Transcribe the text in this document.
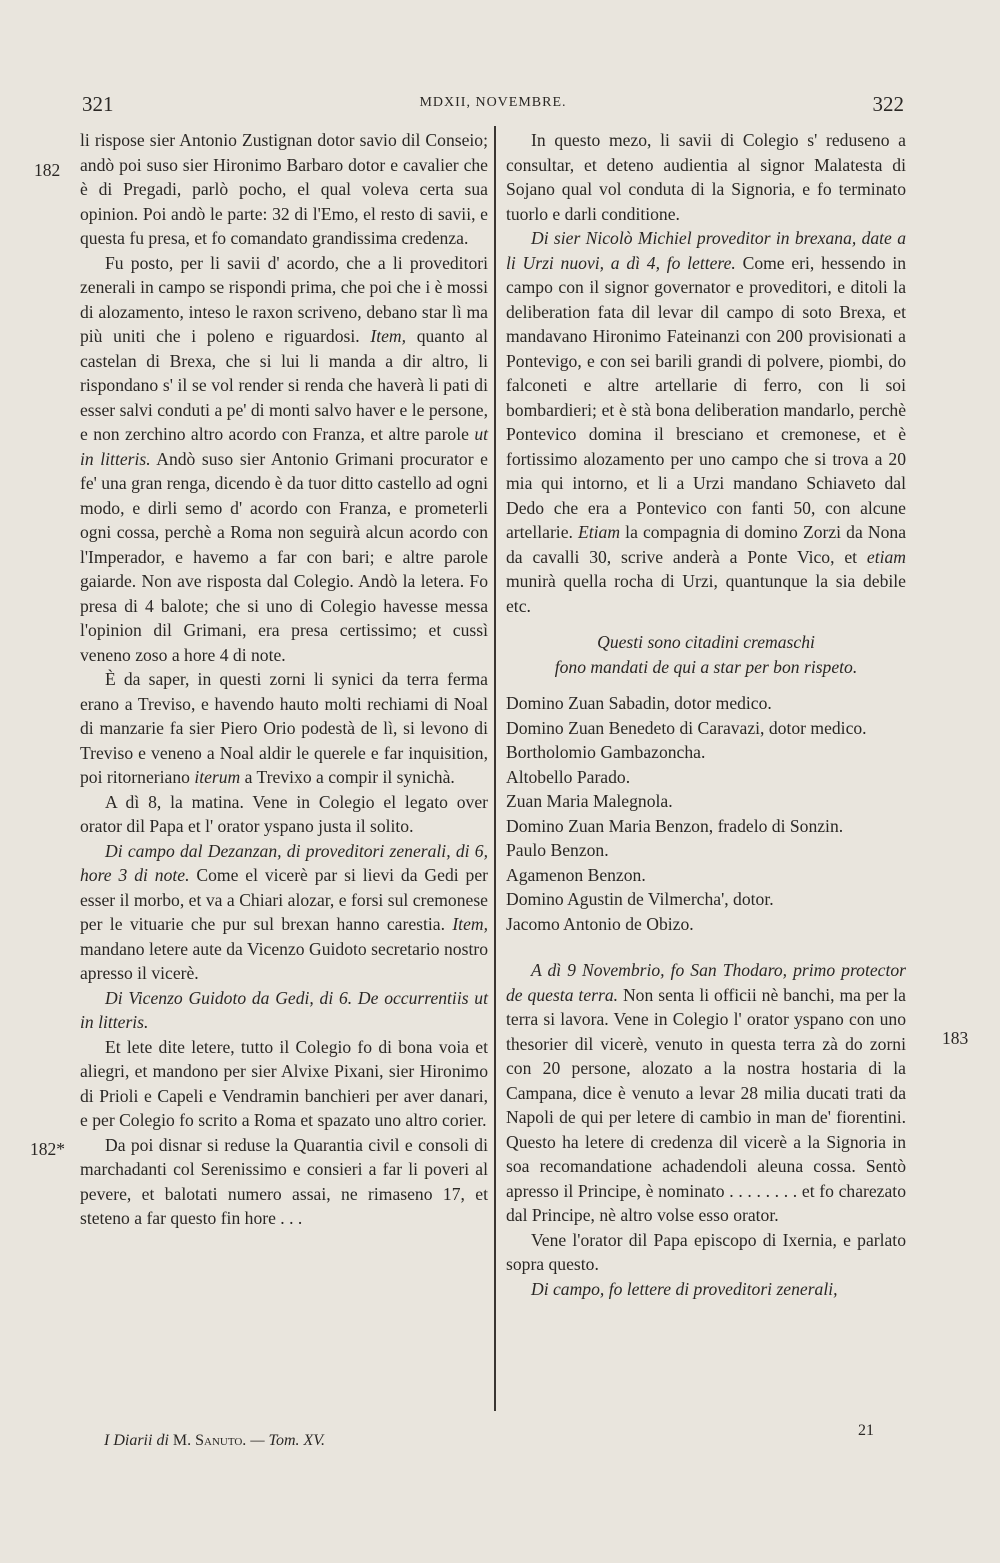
321	MDXII, NOVEMBRE.	322
182
182*
183

li rispose sier Antonio Zustignan dotor savio dil Conseio; andò poi suso sier Hironimo Barbaro dotor e cavalier che è di Pregadi, parlò pocho, el qual voleva certa sua opinion. Poi andò le parte: 32 di l'Emo, el resto di savii, e questa fu presa, et fo comandato grandissima credenza.

Fu posto, per li savii d' acordo, che a li proveditori zenerali in campo se rispondi prima, che poi che i è mossi di alozamento, inteso le raxon scriveno, debano star lì ma più uniti che i poleno e riguardosi. Item, quanto al castelan di Brexa, che si lui li manda a dir altro, li rispondano s' il se vol render si renda che haverà li pati di esser salvi conduti a pe' di monti salvo haver e le persone, e non zerchino altro acordo con Franza, et altre parole ut in litteris. Andò suso sier Antonio Grimani procurator e fe' una gran renga, dicendo è da tuor ditto castello ad ogni modo, e dirli semo d' acordo con Franza, e prometerli ogni cossa, perchè a Roma non seguirà alcun acordo con l'Imperador, e havemo a far con bari; e altre parole gaiarde. Non ave risposta dal Colegio. Andò la letera. Fo presa di 4 balote; che si uno di Colegio havesse messa l'opinion dil Grimani, era presa certissimo; et cussì veneno zoso a hore 4 di note.

È da saper, in questi zorni li synici da terra ferma erano a Treviso, e havendo hauto molti rechiami di Noal di manzarie fa sier Piero Orio podestà de lì, si levono di Treviso e veneno a Noal aldir le querele e far inquisition, poi ritorneriano iterum a Trevixo a compir il synichà.

A dì 8, la matina. Vene in Colegio el legato over orator dil Papa et l' orator yspano justa il solito.

Di campo dal Dezanzan, di proveditori zenerali, di 6, hore 3 di note. Come el vicerè par si lievi da Gedi per esser il morbo, et va a Chiari alozar, e forsi sul cremonese per le vituarie che pur sul brexan hanno carestia. Item, mandano letere aute da Vicenzo Guidoto secretario nostro apresso il vicerè.

Di Vicenzo Guidoto da Gedi, di 6. De occurrentiis ut in litteris.

Et lete dite letere, tutto il Colegio fo di bona voia et aliegri, et mandono per sier Alvixe Pixani, sier Hironimo di Prioli e Capeli e Vendramin banchieri per aver danari, e per Colegio fo scrito a Roma et spazato uno altro corier.

Da poi disnar si reduse la Quarantia civil e consoli di marchadanti col Serenissimo e consieri a far li poveri al pevere, et balotati numero assai, ne rimaseno 17, et steteno a far questo fin hore . . .

In questo mezo, li savii di Colegio s' reduseno a consultar, et deteno audientia al signor Malatesta di Sojano qual vol conduta di la Signoria, e fo terminato tuorlo e darli conditione.

Di sier Nicolò Michiel proveditor in brexana, date a li Urzi nuovi, a dì 4, fo lettere. Come eri, hessendo in campo con il signor governator e proveditori, e ditoli la deliberation fata dil levar dil campo di soto Brexa, et mandavano Hironimo Fateinanzi con 200 provisionati a Pontevigo, e con sei barili grandi di polvere, piombi, do falconeti e altre artellarie di ferro, con li soi bombardieri; et è stà bona deliberation mandarlo, perchè Pontevico domina il bresciano et cremonese, et è fortissimo alozamento per uno campo che si trova a 20 mia qui intorno, et li a Urzi mandano Schiaveto dal Dedo che era a Pontevico con fanti 50, con alcune artellarie. Etiam la compagnia di domino Zorzi da Nona da cavalli 30, scrive anderà a Ponte Vico, et etiam munirà quella rocha di Urzi, quantunque la sia debile etc.

Questi sono citadini cremaschi

fono mandati de qui a star per bon rispeto.

Domino Zuan Sabadin, dotor medico.

Domino Zuan Benedeto di Caravazi, dotor medico.

Bortholomio Gambazoncha.

Altobello Parado.

Zuan Maria Malegnola.

Domino Zuan Maria Benzon, fradelo di Sonzin.

Paulo Benzon.

Agamenon Benzon.

Domino Agustin de Vilmercha', dotor.

Jacomo Antonio de Obizo.

A dì 9 Novembrio, fo San Thodaro, primo protector de questa terra. Non senta li officii nè banchi, ma per la terra si lavora. Vene in Colegio l' orator yspano con uno thesorier dil vicerè, venuto in questa terra zà do zorni con 20 persone, alozato a la nostra hostaria di la Campana, dice è venuto a levar 28 milia ducati trati da Napoli de qui per letere di cambio in man de' fiorentini. Questo ha letere di credenza dil vicerè a la Signoria in soa recomandatione achadendoli aleuna cossa. Sentò apresso il Principe, è nominato . . . . . . . . et fo charezato dal Principe, nè altro volse esso orator.

Vene l'orator dil Papa episcopo di Ixernia, e parlato sopra questo.

Di campo, fo lettere di proveditori zenerali,

I Diarii di M. Sanuto. — Tom. XV.
21
